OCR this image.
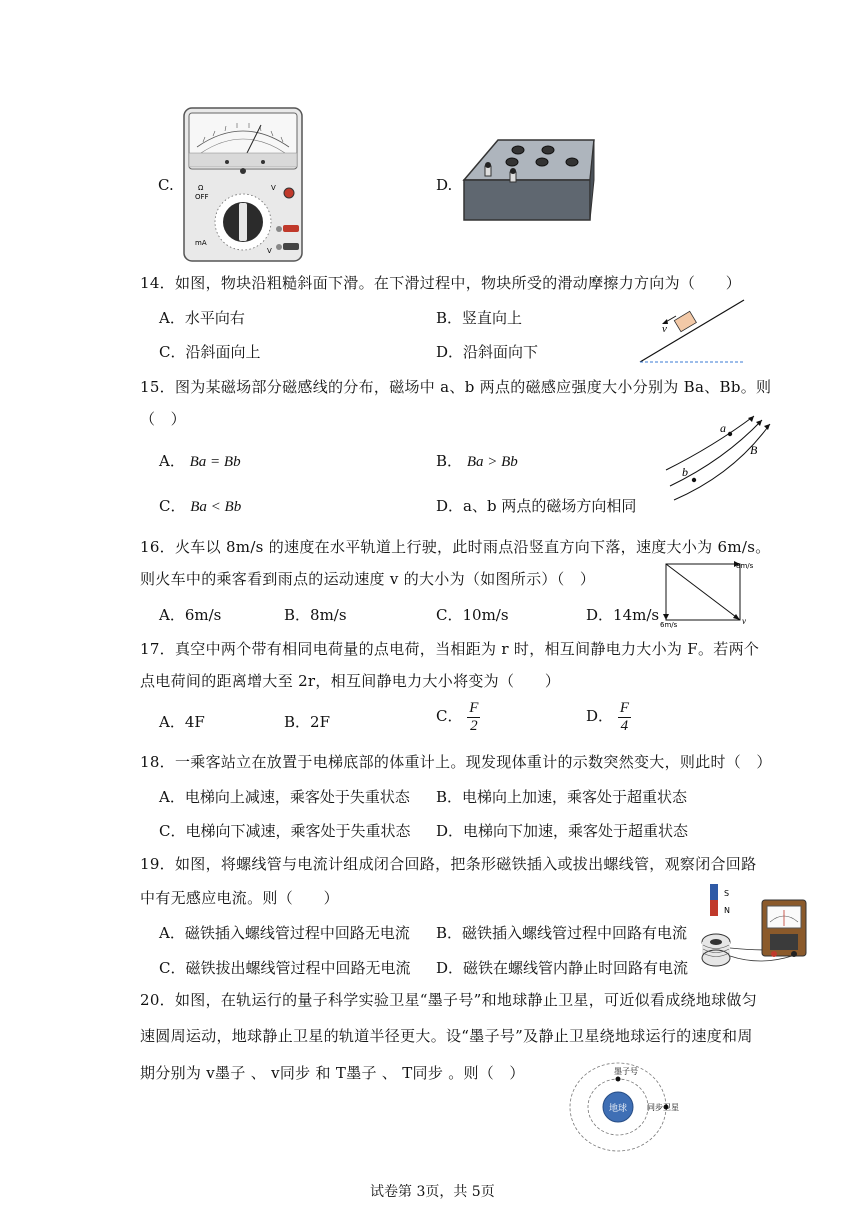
C.	Ω
OFF
mA
V
V
D.
14．如图，物块沿粗糙斜面下滑。在下滑过程中，物块所受的滑动摩擦力方向为（　　）
A．水平向右	B．竖直向上
C．沿斜面向上	D．沿斜面向下
v
15．图为某磁场部分磁感线的分布，磁场中 a、b 两点的磁感应强度大小分别为 Ba、Bb。则
（　）
A． Ba = Bb	B． Ba > Bb
C． Ba < Bb	D．a、b 两点的磁场方向相同
a
b
B
16．火车以 8m/s 的速度在水平轨道上行驶，此时雨点沿竖直方向下落，速度大小为 6m/s。
则火车中的乘客看到雨点的运动速度 v 的大小为（如图所示）（　）
A．6m/s	B．8m/s	C．10m/s	D．14m/s
8m/s
6m/s	v
17．真空中两个带有相同电荷量的点电荷，当相距为 r 时，相互间静电力大小为 F。若两个
点电荷间的距离增大至 2r，相互间静电力大小将变为（　　）
A．4F	B．2F	C． $\frac{F}{2}$	D． $\frac{F}{4}$
18．一乘客站立在放置于电梯底部的体重计上。现发现体重计的示数突然变大，则此时（　）
A．电梯向上减速，乘客处于失重状态 B．电梯向上加速，乘客处于超重状态
C．电梯向下减速，乘客处于失重状态 D．电梯向下加速，乘客处于超重状态
19．如图，将螺线管与电流计组成闭合回路，把条形磁铁插入或拔出螺线管，观察闭合回路
中有无感应电流。则（　　）
A．磁铁插入螺线管过程中回路无电流 B．磁铁插入螺线管过程中回路有电流
C．磁铁拔出螺线管过程中回路无电流 D．磁铁在螺线管内静止时回路有电流
S
N
20．如图，在轨运行的量子科学实验卫星“墨子号”和地球静止卫星，可近似看成绕地球做匀
速圆周运动，地球静止卫星的轨道半径更大。设“墨子号”及静止卫星绕地球运行的速度和周
期分别为 v墨子 、 v同步 和 T墨子 、 T同步 。则（　）
地球
墨子号
同步卫星
试卷第 3页，共 5页
